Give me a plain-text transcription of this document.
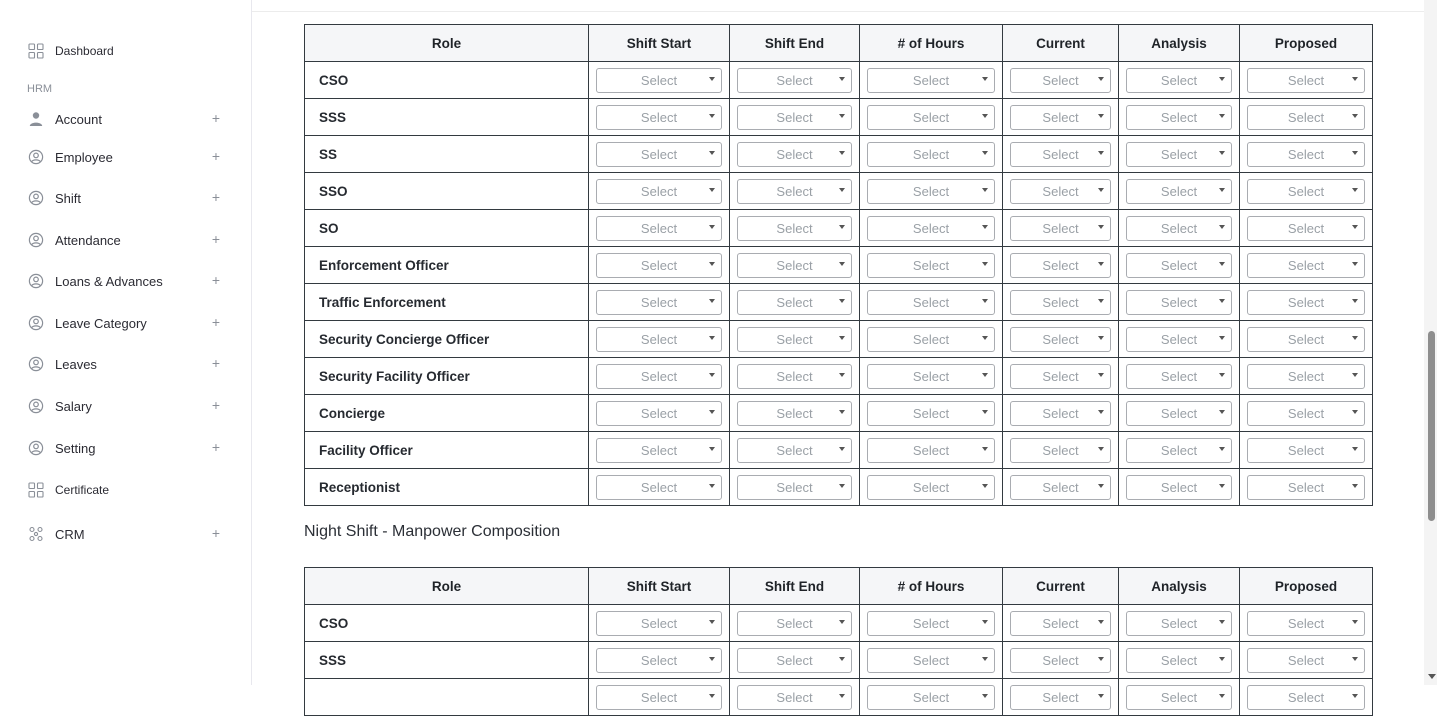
HRM
Dashboard
Account	+
Employee	+
Shift	+
Attendance	+
Loans & Advances	+
Leave Category	+
Leaves	+
Salary	+
Setting	+
Certificate
CRM	+
Role	Shift Start	Shift End	# of Hours	Current	Analysis	Proposed
CSO	Select	Select	Select	Select	Select	Select

SSS	Select	Select	Select	Select	Select	Select

SS	Select	Select	Select	Select	Select	Select

SSO	Select	Select	Select	Select	Select	Select

SO	Select	Select	Select	Select	Select	Select

Enforcement Officer	Select	Select	Select	Select	Select	Select

Traffic Enforcement	Select	Select	Select	Select	Select	Select

Security Concierge Officer	Select	Select	Select	Select	Select	Select

Security Facility Officer	Select	Select	Select	Select	Select	Select

Concierge	Select	Select	Select	Select	Select	Select

Facility Officer	Select	Select	Select	Select	Select	Select

Receptionist	Select	Select	Select	Select	Select	Select
Night Shift - Manpower Composition
Role	Shift Start	Shift End	# of Hours	Current	Analysis	Proposed
CSO	Select	Select	Select	Select	Select	Select

SSS	Select	Select	Select	Select	Select	Select

	Select	Select	Select	Select	Select	Select
